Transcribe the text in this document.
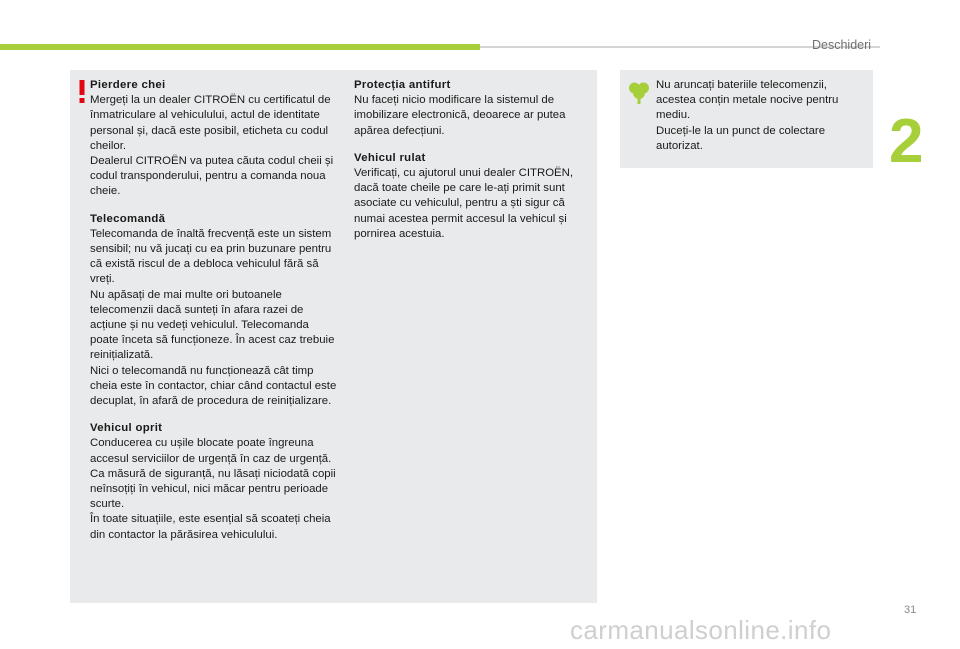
Deschideri
2

Pierdere chei
Mergeți la un dealer CITROËN cu certificatul de înmatriculare al vehiculului, actul de identitate personal și, dacă este posibil, eticheta cu codul cheilor.
Dealerul CITROËN va putea căuta codul cheii și codul transponderului, pentru a comanda noua cheie.

Telecomandă
Telecomanda de înaltă frecvență este un sistem sensibil; nu vă jucați cu ea prin buzunare pentru că există riscul de a debloca vehiculul fără să vreți.
Nu apăsați de mai multe ori butoanele telecomenzii dacă sunteți în afara razei de acțiune și nu vedeți vehiculul. Telecomanda poate înceta să funcționeze. În acest caz trebuie reinițializată.
Nici o telecomandă nu funcționează cât timp cheia este în contactor, chiar când contactul este decuplat, în afară de procedura de reinițializare.

Vehicul oprit
Conducerea cu ușile blocate poate îngreuna accesul serviciilor de urgență în caz de urgență.
Ca măsură de siguranță, nu lăsați niciodată copii neînsoțiți în vehicul, nici măcar pentru perioade scurte.
În toate situațiile, este esențial să scoateți cheia din contactor la părăsirea vehiculului.

Protecția antifurt
Nu faceți nicio modificare la sistemul de imobilizare electronică, deoarece ar putea apărea defecțiuni.

Vehicul rulat
Verificați, cu ajutorul unui dealer CITROËN, dacă toate cheile pe care le-ați primit sunt asociate cu vehiculul, pentru a ști sigur că numai acestea permit accesul la vehicul și pornirea acestuia.

Nu aruncați bateriile telecomenzii, acestea conțin metale nocive pentru mediu.
Duceți-le la un punct de colectare autorizat.

31
carmanualsonline.info
